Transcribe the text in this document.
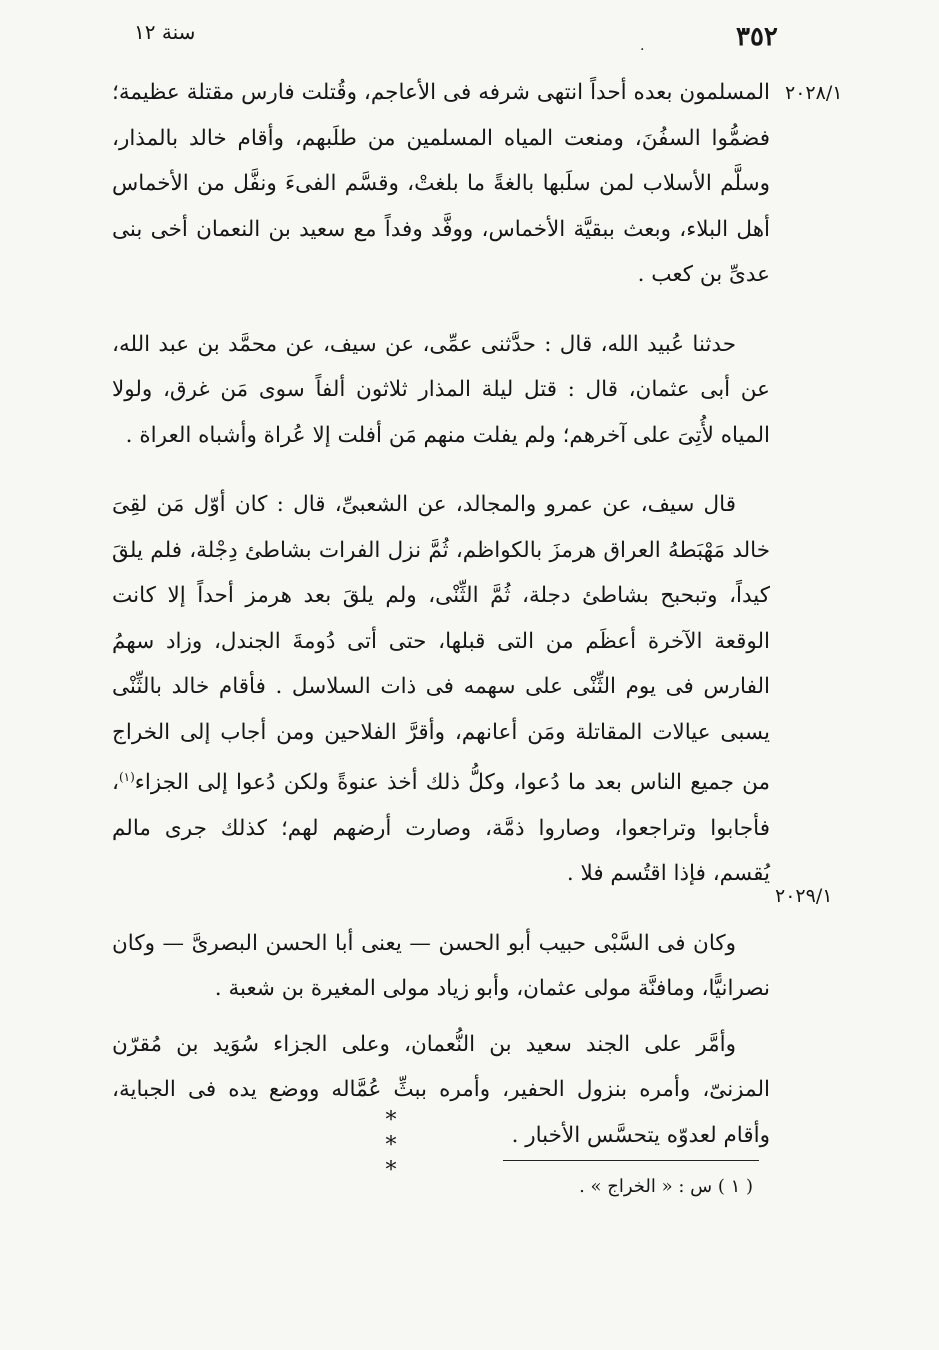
٣٥٢
.
سنة ١٢
٢٠٢٨/١
٢٠٢٩/١

المسلمون بعده أحداً انتهى شرفه فى الأعاجم، وقُتلت فارس مقتلة عظيمة؛ فضمُّوا السفُنَ، ومنعت المياه المسلمين من طلَبهم، وأقام خالد بالمذار، وسلَّم الأسلاب لمن سلَبها بالغةً ما بلغتْ، وقسَّم الفىءَ ونفَّل من الأخماس أهل البلاء، وبعث ببقيَّة الأخماس، ووفَّد وفداً مع سعيد بن النعمان أخى بنى عدىِّ بن كعب .

حدثنا عُبيد الله، قال : حدَّثنى عمِّى، عن سيف، عن محمَّد بن عبد الله، عن أبى عثمان، قال : قتل ليلة المذار ثلاثون ألفاً سوى مَن غرق، ولولا المياه لأُتِىَ على آخرهم؛ ولم يفلت منهم مَن أفلت إلا عُراة وأشباه العراة .

قال سيف، عن عمرو والمجالد، عن الشعبىِّ، قال : كان أوّل مَن لقِىَ خالد مَهْبَطهُ العراق هرمزَ بالكواظم، ثُمَّ نزل الفرات بشاطئ دِجْلة، فلم يلقَ كيداً، وتبحبح بشاطئ دجلة، ثُمَّ الثِّنْى، ولم يلقَ بعد هرمز أحداً إلا كانت الوقعة الآخرة أعظَم من التى قبلها، حتى أتى دُومةَ الجندل، وزاد سهمُ الفارس فى يوم الثِّنْى على سهمه فى ذات السلاسل . فأقام خالد بالثِّنْى يسبى عيالات المقاتلة ومَن أعانهم، وأقرَّ الفلاحين ومن أجاب إلى الخراج من جميع الناس بعد ما دُعوا، وكلُّ ذلك أخذ عنوةً ولكن دُعوا إلى الجزاء$^{(١)}$، فأجابوا وتراجعوا، وصاروا ذمَّة، وصارت أرضهم لهم؛ كذلك جرى مالم يُقسم، فإذا اقتُسم فلا .

وكان فى السَّبْى حبيب أبو الحسن — يعنى أبا الحسن البصرىَّ — وكان نصرانيًّا، ومافنَّة مولى عثمان، وأبو زياد مولى المغيرة بن شعبة .

وأمَّر على الجند سعيد بن النُّعمان، وعلى الجزاء سُوَيد بن مُقرّن المزنىّ، وأمره بنزول الحفير، وأمره ببثِّ عُمَّاله ووضع يده فى الجباية، وأقام لعدوّه يتحسَّس الأخبار .

* * *
( ١ ) س : « الخراج » .
